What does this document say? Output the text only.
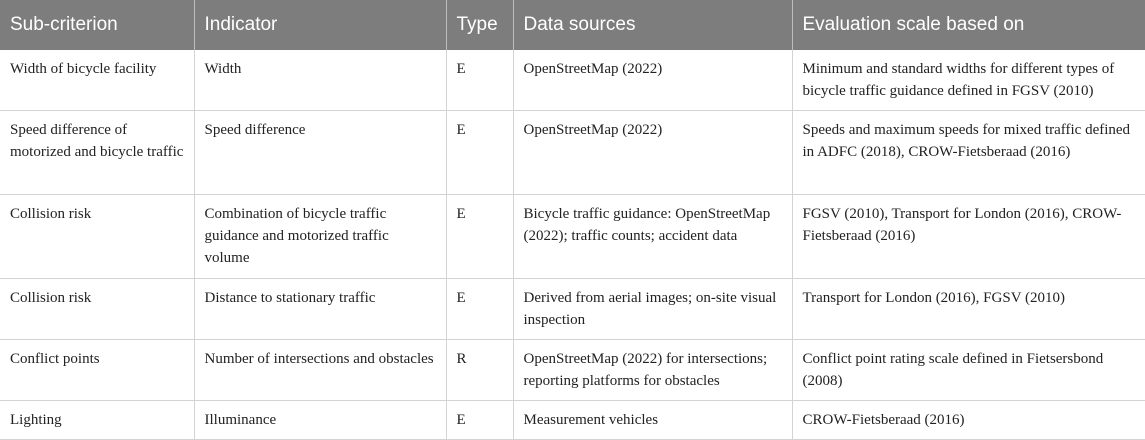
Sub-criterion	Indicator	Type	Data sources	Evaluation scale based on
Width of bicycle facility	Width	E	OpenStreetMap (2022)	Minimum and standard widths for different types of bicycle traffic guidance defined in FGSV (2010)
Speed difference of motorized and bicycle traffic	Speed difference	E	OpenStreetMap (2022)	Speeds and maximum speeds for mixed traffic defined in ADFC (2018), CROW-Fietsberaad (2016)
Collision risk	Combination of bicycle traffic guidance and motorized traffic volume	E	Bicycle traffic guidance: OpenStreetMap (2022); traffic counts; accident data	FGSV (2010), Transport for London (2016), CROW-Fietsberaad (2016)
Collision risk	Distance to stationary traffic	E	Derived from aerial images; on-site visual inspection	Transport for London (2016), FGSV (2010)
Conflict points	Number of intersections and obstacles	R	OpenStreetMap (2022) for intersections; reporting platforms for obstacles	Conflict point rating scale defined in Fietsersbond (2008)
Lighting	Illuminance	E	Measurement vehicles	CROW-Fietsberaad (2016)
